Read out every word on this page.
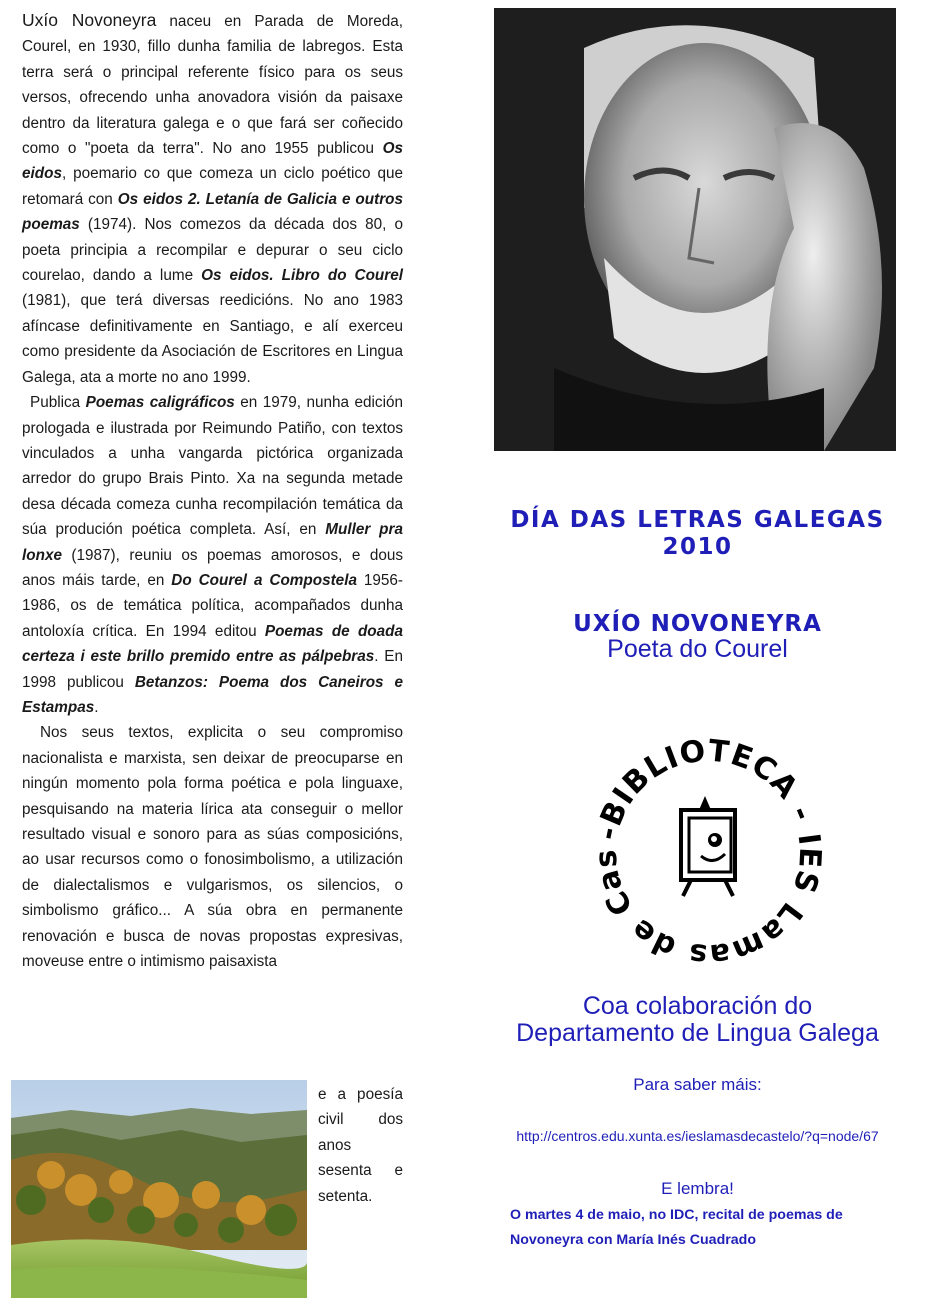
Uxío Novoneyra naceu en Parada de Moreda, Courel, en 1930, fillo dunha familia de labregos. Esta terra será o principal referente físico para os seus versos, ofrecendo unha anovadora visión da paisaxe dentro da literatura galega e o que fará ser coñecido como o "poeta da terra". No ano 1955 publicou Os eidos, poemario co que comeza un ciclo poético que retomará con Os eidos 2. Letanía de Galicia e outros poemas (1974). Nos comezos da década dos 80, o poeta principia a recompilar e depurar o seu ciclo courelao, dando a lume Os eidos. Libro do Courel (1981), que terá diversas reedicións. No ano 1983 afíncase definitivamente en Santiago, e alí exerceu como presidente da Asociación de Escritores en Lingua Galega, ata a morte no ano 1999.

Publica Poemas caligráficos en 1979, nunha edición prologada e ilustrada por Reimundo Patiño, con textos vinculados a unha vangarda pictórica organizada arredor do grupo Brais Pinto. Xa na segunda metade desa década comeza cunha recompilación temática da súa produción poética completa. Así, en Muller pra lonxe (1987), reuniu os poemas amorosos, e dous anos máis tarde, en Do Courel a Compostela 1956-1986, os de temática política, acompañados dunha antoloxía crítica. En 1994 editou Poemas de doada certeza i este brillo premido entre as pálpebras. En 1998 publicou Betanzos: Poema dos Caneiros e Estampas.

Nos seus textos, explicita o seu compromiso nacionalista e marxista, sen deixar de preocuparse en ningún momento pola forma poética e pola linguaxe, pesquisando na materia lírica ata conseguir o mellor resultado visual e sonoro para as súas composicións, ao usar recursos como o fonosimbolismo, a utilización de dialectalismos e vulgarismos, os silencios, o simbolismo gráfico... A súa obra en permanente renovación e busca de novas propostas expresivas, moveuse entre o intimismo paisaxista

e a poesía civil dos anos sesenta e setenta.
DÍA DAS LETRAS GALEGAS
2010
UXÍO NOVONEYRA
Poeta do Courel
-BIBLIOTECA - S Lamas de Ca
Coa colaboración do
Departamento de Lingua Galega
Para saber máis:
http://centros.edu.xunta.es/ieslamasdecastelo/?q=node/67
E lembra!
O martes 4 de maio, no IDC, recital de poemas de
Novoneyra con María Inés Cuadrado
